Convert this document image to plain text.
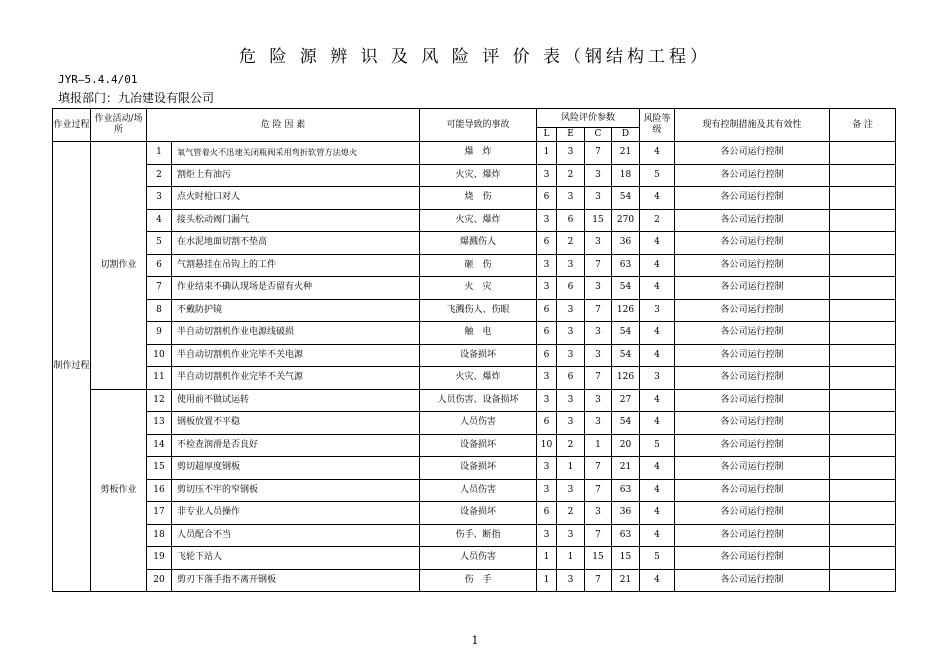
危 险 源 辨 识 及 风 险 评 价 表（钢结构工程）
JYR—5.4.4/01
填报部门：九冶建设有限公司
作业过程	作业活动/场所	危 险 因 素		可能导致的事故	风险评价参数				风险等级	现有控制措施及其有效性	备 注
					L	E	C	D			
制作过程	切割作业	1	氧气管着火不迅速关闭瓶阀采用弯折软管方法熄火	爆　炸	1	3	7	21	4	各公司运行控制	
		2	割炬上有油污	火灾、爆炸	3	2	3	18	5	各公司运行控制	
		3	点火时枪口对人	烧　伤	6	3	3	54	4	各公司运行控制	
		4	接头松动阀门漏气	火灾、爆炸	3	6	15	270	2	各公司运行控制	
		5	在水泥地面切割不垫高	爆溅伤人	6	2	3	36	4	各公司运行控制	
		6	气割悬挂在吊钩上的工件	砸　伤	3	3	7	63	4	各公司运行控制	
		7	作业结束不确认现场是否留有火种	火　灾	3	6	3	54	4	各公司运行控制	
		8	不戴防护镜	飞溅伤人、伤眼	6	3	7	126	3	各公司运行控制	
		9	半自动切割机作业电源线破损	触　电	6	3	3	54	4	各公司运行控制	
		10	半自动切割机作业完毕不关电源	设备损坏	6	3	3	54	4	各公司运行控制	
		11	半自动切割机作业完毕不关气源	火灾、爆炸	3	6	7	126	3	各公司运行控制	
	剪板作业	12	使用前不做试运转	人员伤害、设备损坏	3	3	3	27	4	各公司运行控制	
		13	钢板放置不平稳	人员伤害	6	3	3	54	4	各公司运行控制	
		14	不检查润滑是否良好	设备损坏	10	2	1	20	5	各公司运行控制	
		15	剪切超厚度钢板	设备损坏	3	1	7	21	4	各公司运行控制	
		16	剪切压不牢的窄钢板	人员伤害	3	3	7	63	4	各公司运行控制	
		17	非专业人员操作	设备损坏	6	2	3	36	4	各公司运行控制	
		18	人员配合不当	伤手、断指	3	3	7	63	4	各公司运行控制	
		19	飞轮下站人	人员伤害	1	1	15	15	5	各公司运行控制	
		20	剪刃下落手指不离开钢板	伤　手	1	3	7	21	4	各公司运行控制	
1
